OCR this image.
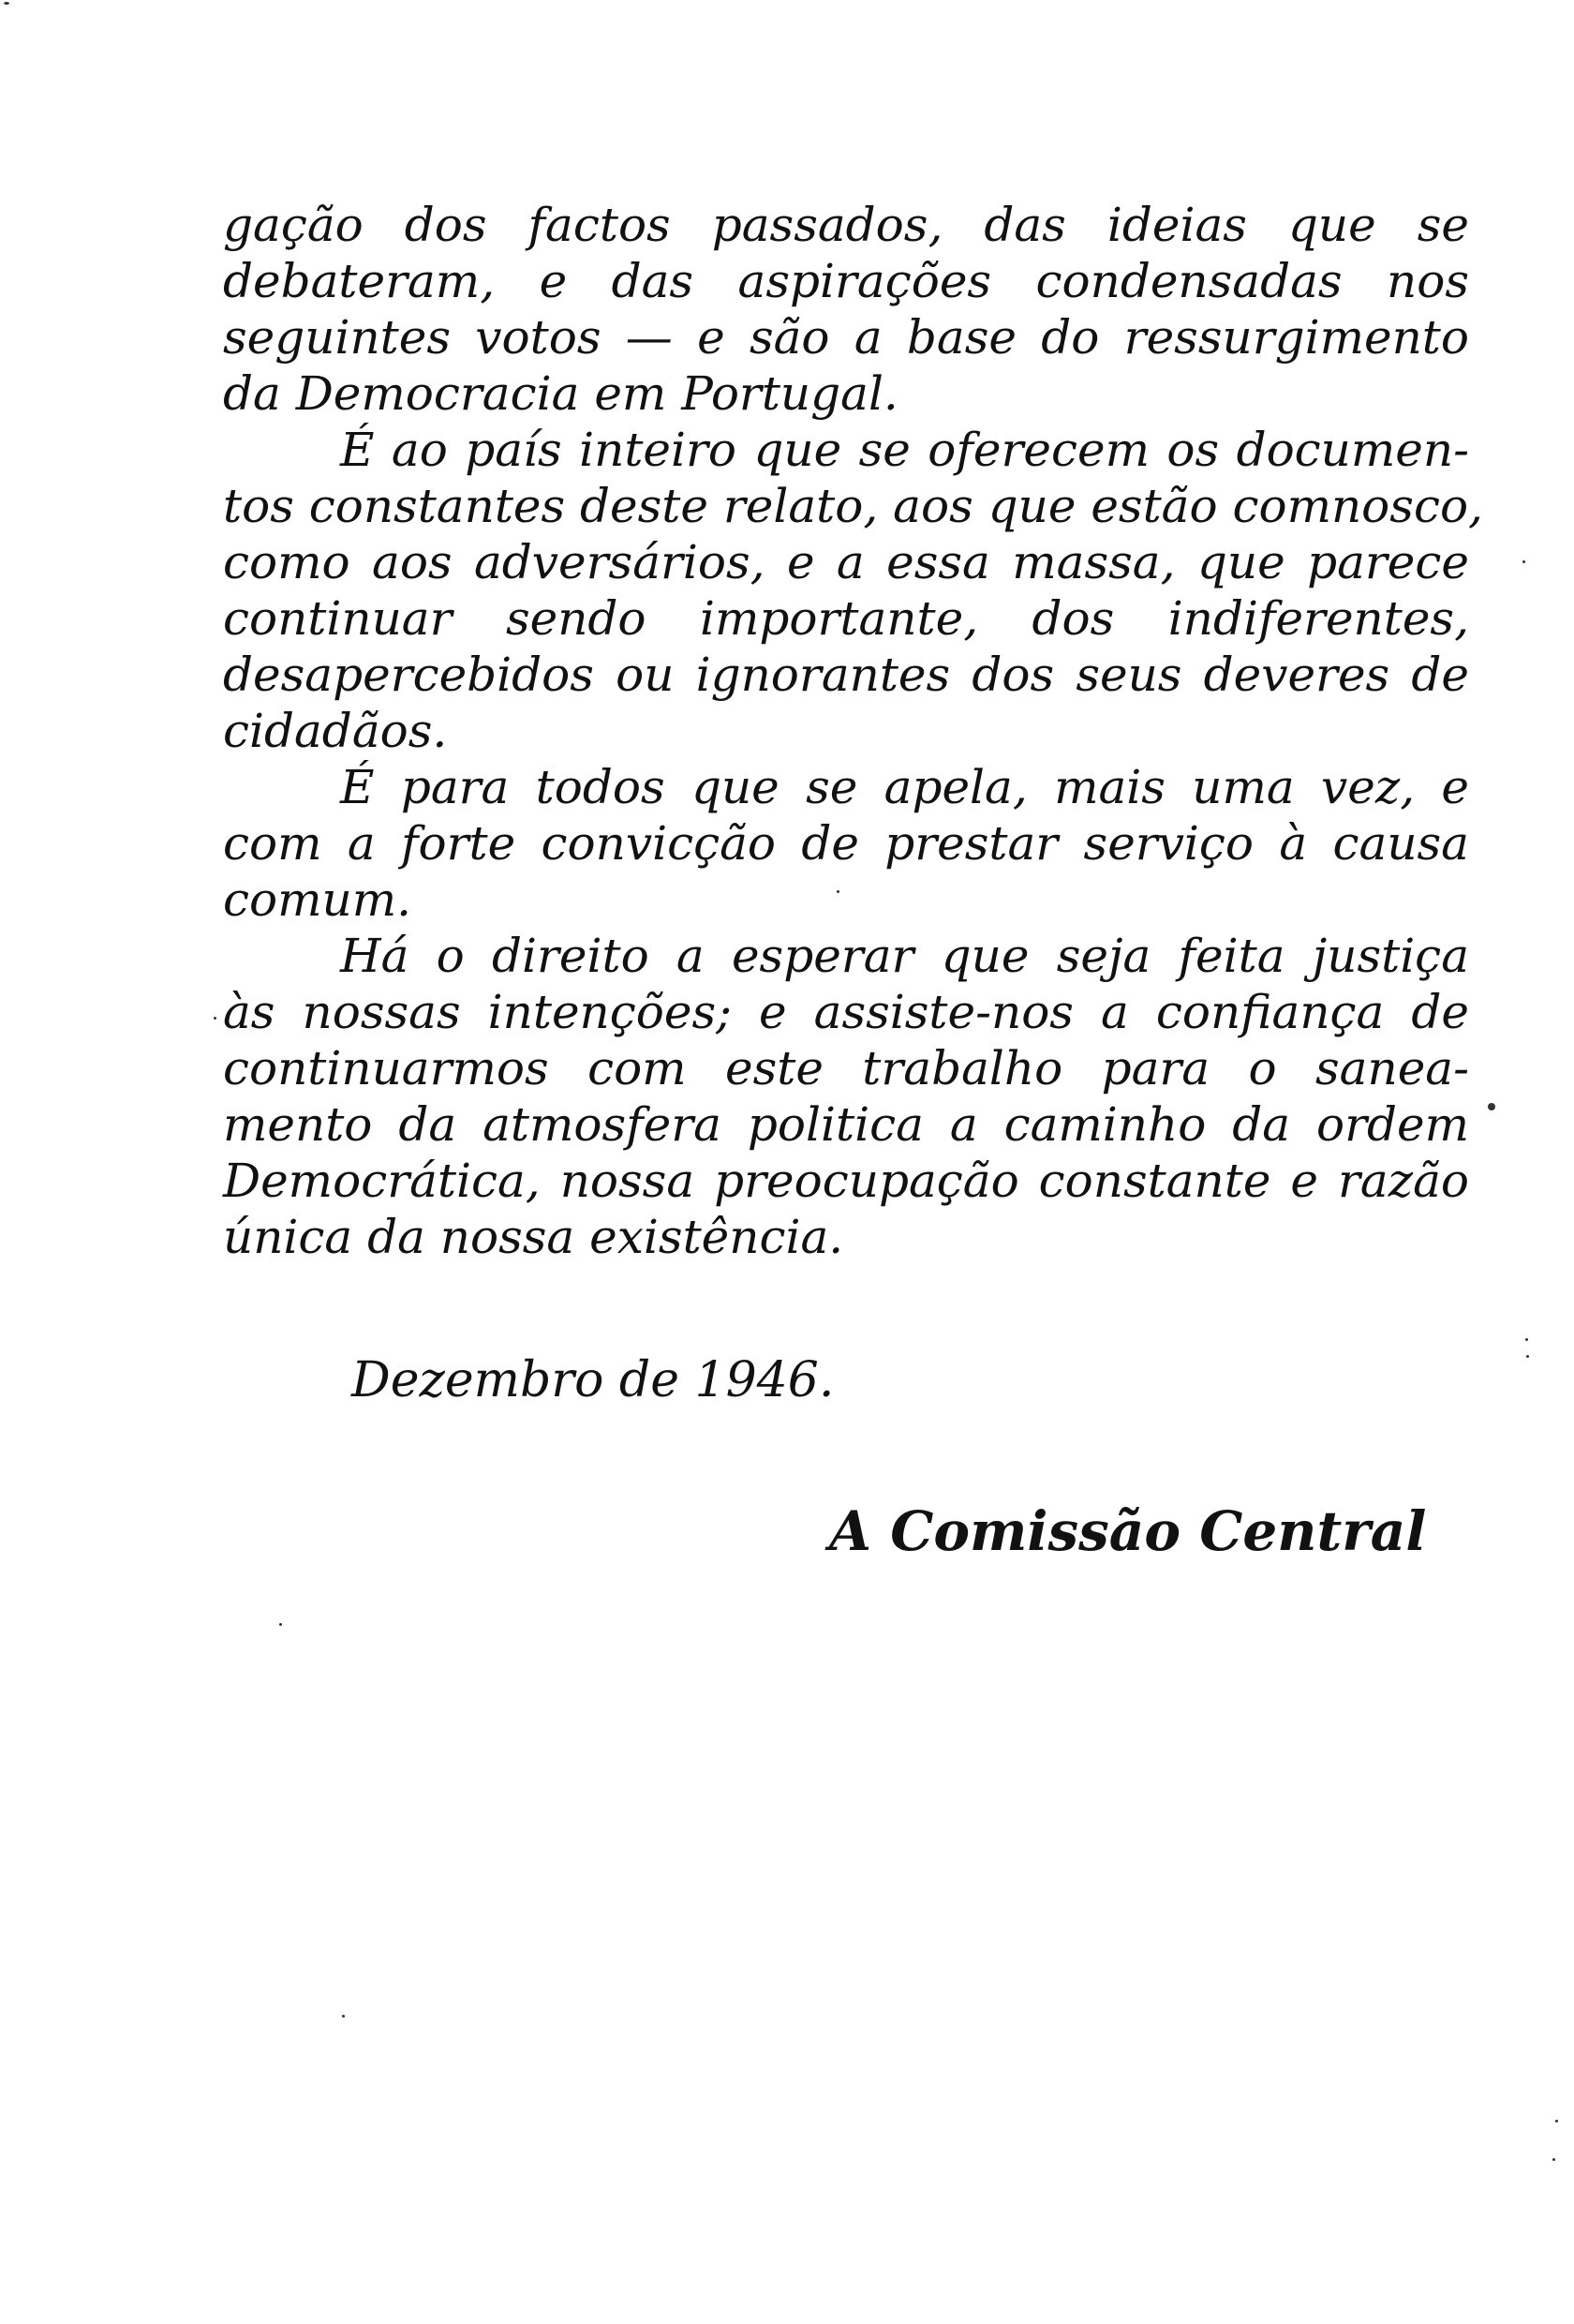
gação dos factos passados, das ideias que se
debateram, e das aspirações condensadas nos
seguintes votos — e são a base do ressurgimento
da Democracia em Portugal.
É ao país inteiro que se oferecem os documen-
tos constantes deste relato, aos que estão comnosco,
como aos adversários, e a essa massa, que parece
continuar sendo importante, dos indiferentes,
desapercebidos ou ignorantes dos seus deveres de
cidadãos.
É para todos que se apela, mais uma vez, e
com a forte convicção de prestar serviço à causa
comum.
Há o direito a esperar que seja feita justiça
às nossas intenções; e assiste-nos a confiança de
continuarmos com este trabalho para o sanea-
mento da atmosfera politica a caminho da ordem
Democrática, nossa preocupação constante e razão
única da nossa existência.
Dezembro de 1946.
A Comissão Central
